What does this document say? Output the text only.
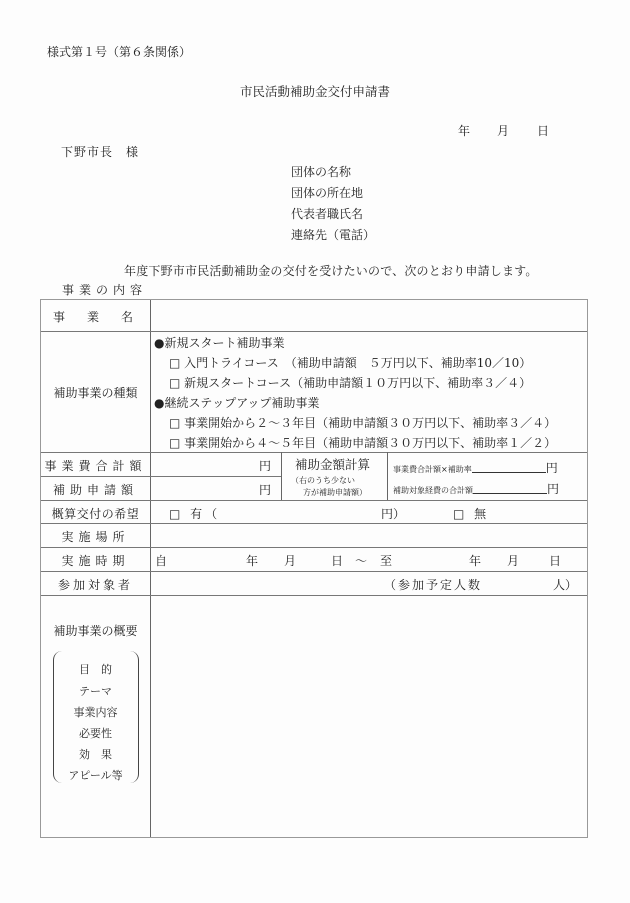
様式第１号（第６条関係）
市民活動補助金交付申請書
年 月 日
下野市長　様
団体の名称
団体の所在地
代表者職氏名
連絡先（電話）
年度下野市市民活動補助金の交付を受けたいので、次のとおり申請します。
事業の内容
事　業　名
補助事業の種類
●新規スタート補助事業
□ 入門トライコース　（補助申請額　５万円以下、補助率10／10）
□ 新規スタートコース（補助申請額１０万円以下、補助率３／４）
●継続ステップアップ補助事業
□ 事業開始から２～３年目（補助申請額３０万円以下、補助率３／４）
□ 事業開始から４～５年目（補助申請額３０万円以下、補助率１／２）
事業費合計額	円
補助申請額	円
補助金額計算
（右のうち少ない
方が補助申請額）
事業費合計額×補助率	円
補助対象経費の合計額	円
概算交付の希望	□ 有（	円）	□ 無
実施場所
実施時期	自	年 月	日 ～ 至	年 月 日
参加対象者	（参加予定人数	人）
補助事業の概要
目　的
テーマ
事業内容
必要性
効　果
アピール等
